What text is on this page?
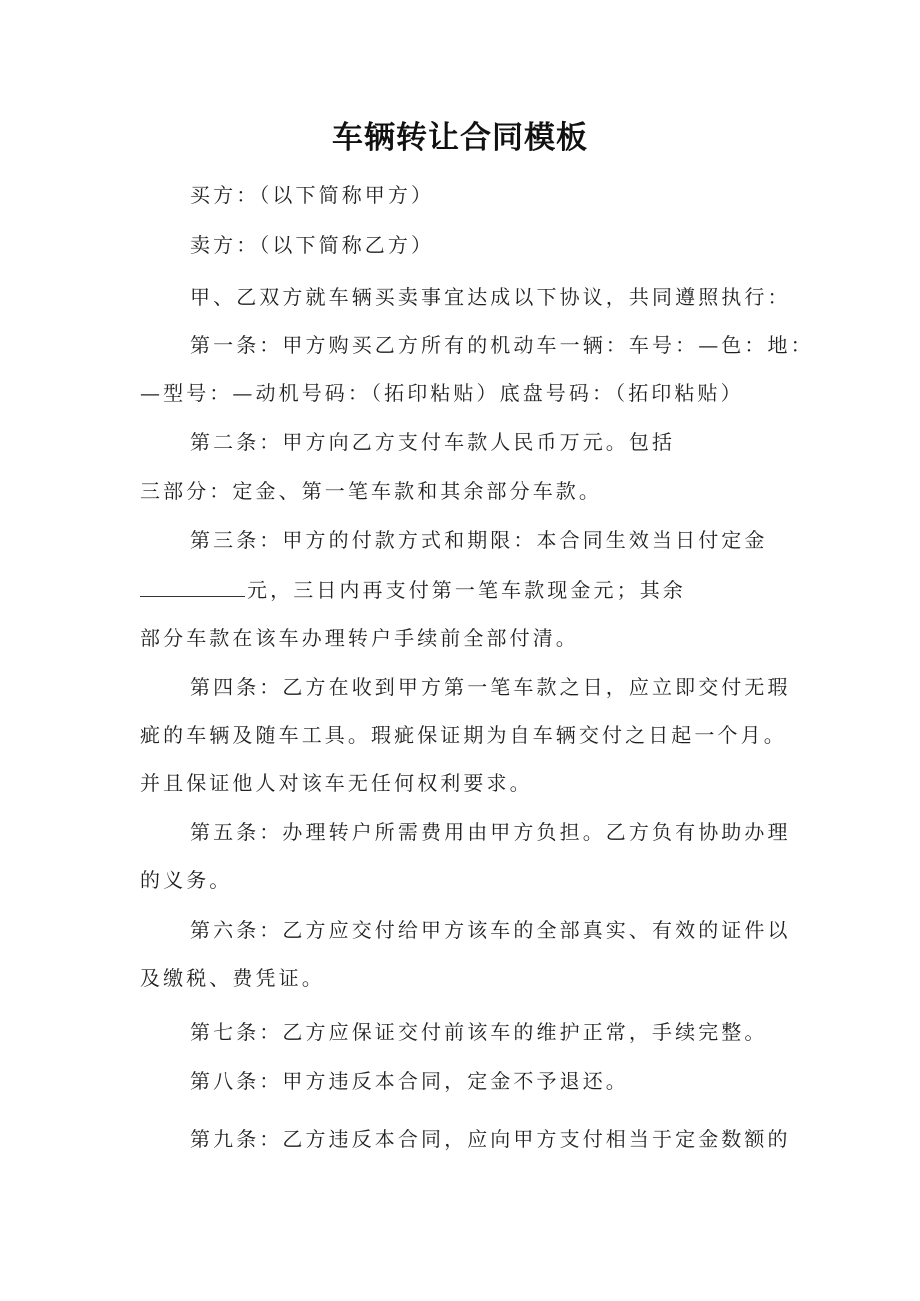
车辆转让合同模板
买方：（以下简称甲方）
卖方：（以下简称乙方）
甲、乙双方就车辆买卖事宜达成以下协议，共同遵照执行：
第一条：甲方购买乙方所有的机动车一辆：车号：—色：地：
—型号：—动机号码：（拓印粘贴）底盘号码：（拓印粘贴）
第二条：甲方向乙方支付车款人民币万元。包括
三部分：定金、第一笔车款和其余部分车款。
第三条：甲方的付款方式和期限：本合同生效当日付定金
元，三日内再支付第一笔车款现金元；其余
部分车款在该车办理转户手续前全部付清。
第四条：乙方在收到甲方第一笔车款之日，应立即交付无瑕
疵的车辆及随车工具。瑕疵保证期为自车辆交付之日起一个月。
并且保证他人对该车无任何权利要求。
第五条：办理转户所需费用由甲方负担。乙方负有协助办理
的义务。
第六条：乙方应交付给甲方该车的全部真实、有效的证件以
及缴税、费凭证。
第七条：乙方应保证交付前该车的维护正常，手续完整。
第八条：甲方违反本合同，定金不予退还。
第九条：乙方违反本合同，应向甲方支付相当于定金数额的
